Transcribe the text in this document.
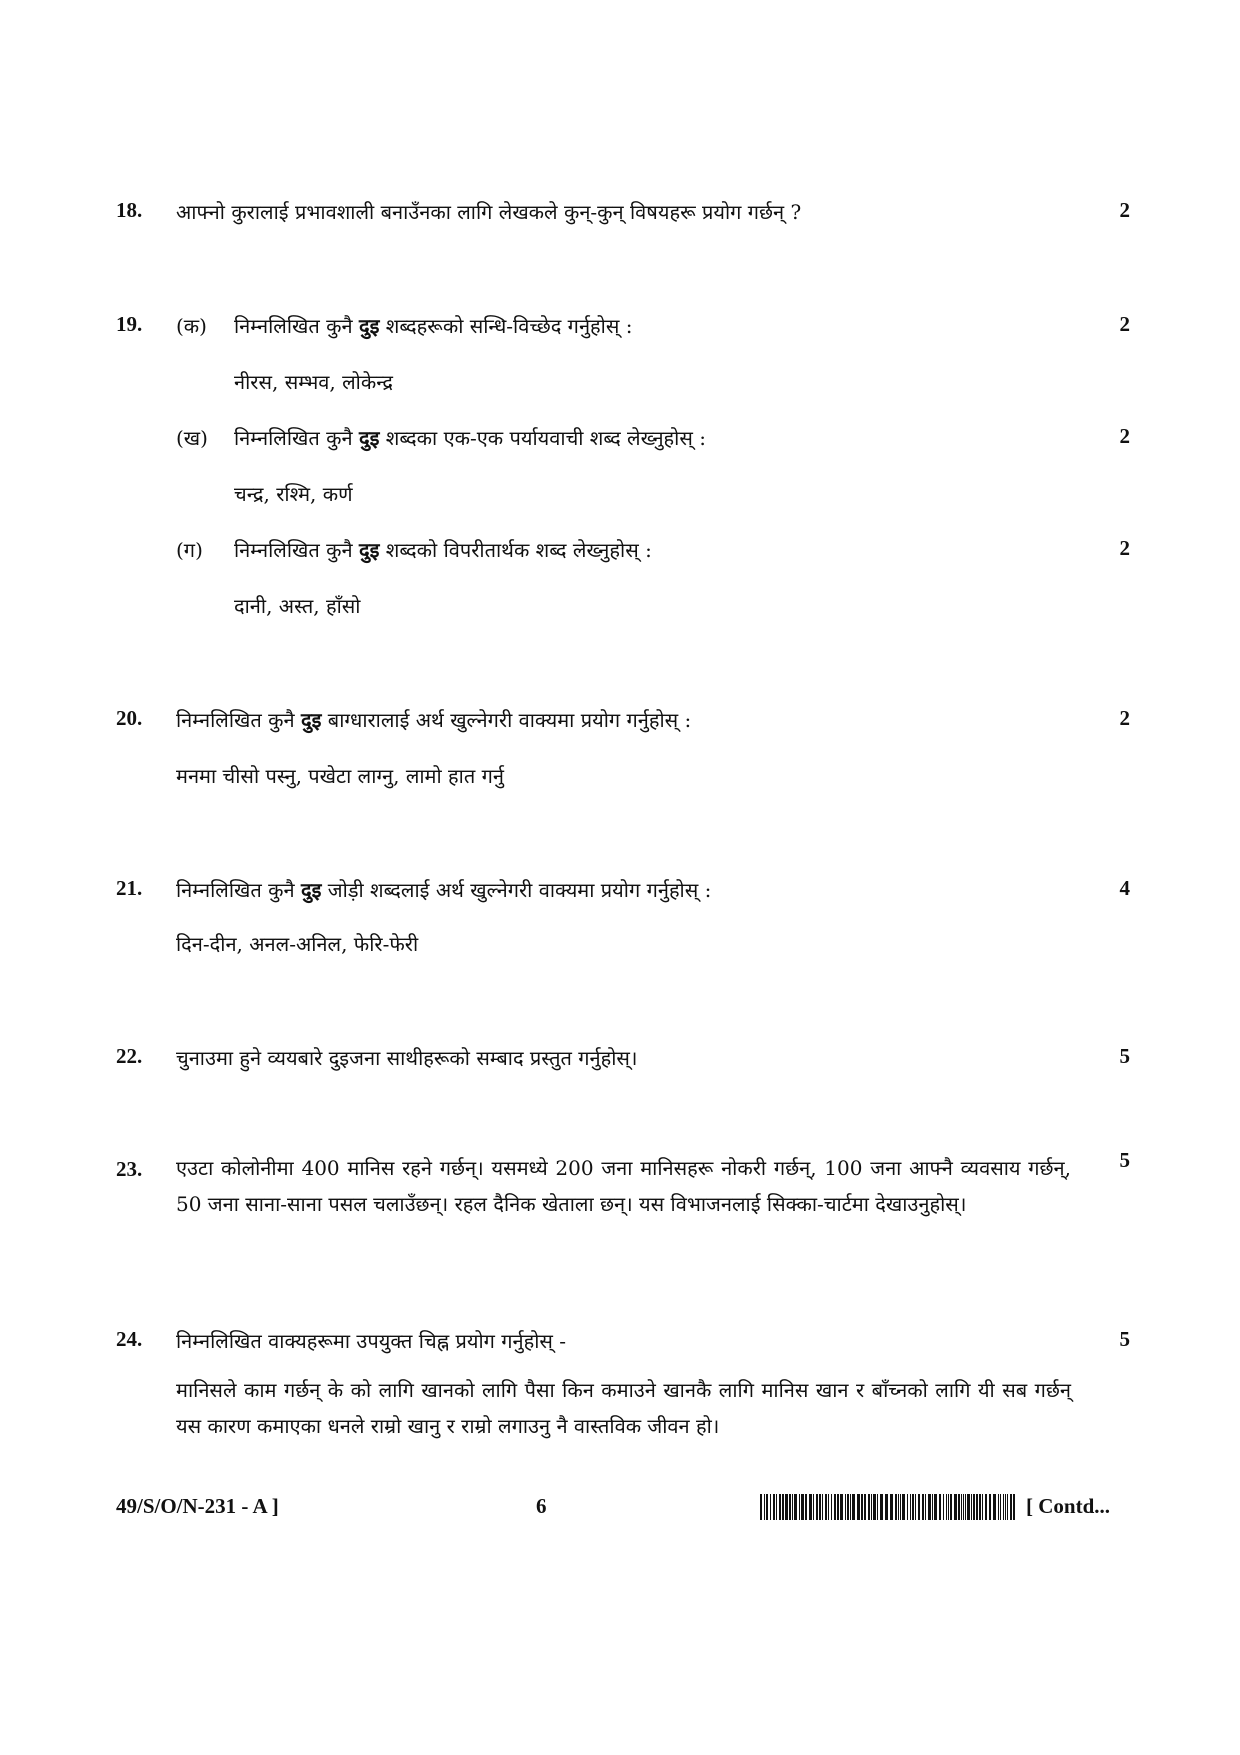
18.	आफ्नो कुरालाई प्रभावशाली बनाउँनका लागि लेखकले कुन्-कुन् विषयहरू प्रयोग गर्छन् ?	2
19.	(क) निम्नलिखित कुनै दुइ शब्दहरूको सन्धि-विच्छेद गर्नुहोस् :	2
नीरस, सम्भव, लोकेन्द्र
(ख) निम्नलिखित कुनै दुइ शब्दका एक-एक पर्यायवाची शब्द लेख्नुहोस् :	2
चन्द्र, रश्मि, कर्ण
(ग) निम्नलिखित कुनै दुइ शब्दको विपरीतार्थक शब्द लेख्नुहोस् :	2
दानी, अस्त, हाँसो
20.	निम्नलिखित कुनै दुइ बाग्धारालाई अर्थ खुल्नेगरी वाक्यमा प्रयोग गर्नुहोस् :	2
मनमा चीसो पस्नु, पखेटा लाग्नु, लामो हात गर्नु
21.	निम्नलिखित कुनै दुइ जोड़ी शब्दलाई अर्थ खुल्नेगरी वाक्यमा प्रयोग गर्नुहोस् :	4
दिन-दीन, अनल-अनिल, फेरि-फेरी
22.	चुनाउमा हुने व्ययबारे दुइजना साथीहरूको सम्बाद प्रस्तुत गर्नुहोस्।	5
23.	एउटा कोलोनीमा 400 मानिस रहने गर्छन्। यसमध्ये 200 जना मानिसहरू नोकरी गर्छन्, 100 जना आफ्नै व्यवसाय गर्छन्, 50 जना साना-साना पसल चलाउँछन्। रहल दैनिक खेताला छन्। यस विभाजनलाई सिक्का-चार्टमा देखाउनुहोस्।
5
24.	निम्नलिखित वाक्यहरूमा उपयुक्त चिह्न प्रयोग गर्नुहोस् -	5
मानिसले काम गर्छन् के को लागि खानको लागि पैसा किन कमाउने खानकै लागि मानिस खान र बाँच्नको लागि यी सब गर्छन् यस कारण कमाएका धनले राम्रो खानु र राम्रो लगाउनु नै वास्तविक जीवन हो।
49/S/O/N-231 - A ]	6	[ Contd...
